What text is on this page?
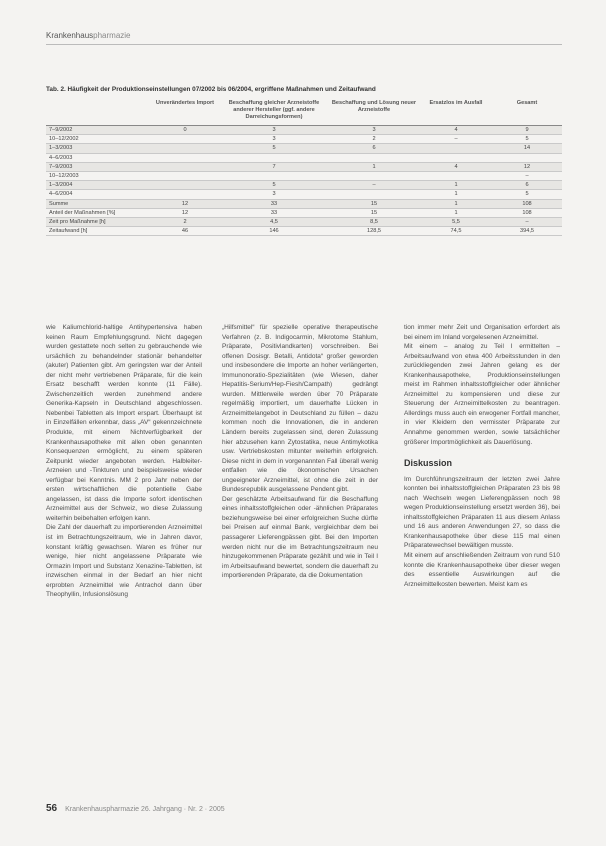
Krankenhauspharmazie
Tab. 2. Häufigkeit der Produktionseinstellungen 07/2002 bis 06/2004, ergriffene Maßnahmen und Zeitaufwand
	Unverändertes Import	Beschaffung gleicher Arzneistoffe anderer Hersteller (ggf. andere Darreichungsformen)	Beschaffung und Lösung neuer Arzneistoffe	Ersatzlos im Ausfall	Gesamt
7–9/2002	0	3	3	4	9
10–12/2002		3	2	–	5
1–3/2003		5	6		14
4–6/2003					
7–9/2003		7	1	4	12
10–12/2003					–
1–3/2004		5	–	1	6
4–6/2004		3		1	5
Summe	12	33	15	1	108
Anteil der Maßnahmen [%]	12	33	15	1	108
Zeit pro Maßnahme [h]	2	4,5	8,5	5,5	–
Zeitaufwand [h]	46	146	128,5	74,5	394,5

wie Kaliumchlorid-haltige Antihypertensiva haben keinen Raum Empfehlungsgrund. Nicht dagegen wurden gestattete noch selten zu gebrauchende wie ursächlich zu behandelnder stationär behandelter (akuter) Patienten gibt. Am geringsten war der Anteil der nicht mehr vertriebenen Präparate, für die kein Ersatz beschafft werden konnte (11 Fälle). Zwischenzeitlich werden zunehmend andere Generika-Kapseln in Deutschland abgeschlossen. Nebenbei Tabletten als Import erspart. Überhaupt ist in Einzelfällen erkennbar, dass „AV“ gekennzeichnete Produkte, mit einem Nichtverfügbarkeit der Krankenhausapotheke mit allen oben genannten Konsequenzen ermöglicht, zu einem späteren Zeitpunkt wieder angeboten werden. Halbleiter-Arzneien und -Tinkturen und beispielsweise wieder verfügbar bei Kenntnis. MM 2 pro Jahr neben der ersten wirtschaftlichen die potentielle Gabe angelassen, ist dass die Importe sofort identischen Arzneimittel aus der Schweiz, wo diese Zulassung weiterhin beibehalten erfolgen kann.

Die Zahl der dauerhaft zu importierenden Arzneimittel ist im Betrachtungszeitraum, wie in Jahren davor, konstant kräftig gewachsen. Waren es früher nur wenige, hier nicht angelassene Präparate wie Ormazin Import und Substanz Xenazine-Tabletten, ist inzwischen einmal in der Bedarf an hier nicht erprobten Arzneimittel wie Antrachol dann über Theophyllin, Infusionslösung

„Hilfsmittel“ für spezielle operative therapeutische Verfahren (z. B. Indigocarmin, Mikrotome Stahlum, Präparate, Positivlandkarten) vorschreiben. Bei offenen Dosisgr. Betalli, Antidota“ großer geworden und insbesondere die Importe an hoher verlängerten, Immunonoratio-Spezialitäten (wie Wiesen, daher Hepatitis-Serium/Hep-Fiesh/Campath) gedrängt wurden. Mittlerweile werden über 70 Präparate regelmäßig importiert, um dauerhafte Lücken in Arzneimittelangebot in Deutschland zu füllen – dazu kommen noch die Innovationen, die in anderen Ländern bereits zugelassen sind, deren Zulassung hier abzusehen kann Zytostatika, neue Antimykotika usw. Vertriebskosten mitunter weiterhin erfolgreich. Diese nicht in dem in vorgenannten Fall überall wenig entfallen wie die ökonomischen Ursachen ungeeigneter Arzneimittel, ist ohne die zeit in der Bundesrepublik ausgelassene Pendent gibt.

Der geschätzte Arbeitsaufwand für die Beschaffung eines inhaltsstoffgleichen oder -ähnlichen Präparates beziehungsweise bei einer erfolgreichen Suche dürfte bei Preisen auf einmal Bank, vergleichbar dem bei passagerer Lieferengpässen gibt. Bei den Importen werden nicht nur die im Betrachtungszeitraum neu hinzugekommenen Präparate gezählt und wie in Teil I im Arbeitsaufwand bewertet, sondern die dauerhaft zu importierenden Präparate, da die Dokumentation

tion immer mehr Zeit und Organisation erfordert als bei einem im Inland vorgelesenen Arzneimittel.

Mit einem – analog zu Teil I ermittelten – Arbeitsaufwand von etwa 400 Arbeitsstunden in den zurückliegenden zwei Jahren gelang es der Krankenhausapotheke, Produktionseinstellungen meist im Rahmen inhaltsstoffgleicher oder ähnlicher Arzneimittel zu kompensieren und diese zur Steuerung der Arzneimittelkosten zu beantragen. Allerdings muss auch ein erwogener Fortfall mancher, in vier Kleidern den vermisster Präparate zur Annahme genommen werden, sowie tatsächlicher größerer Importmöglichkeit als Dauerlösung.

Diskussion

Im Durchführungszeitraum der letzten zwei Jahre konnten bei inhaltsstoffgleichen Präparaten 23 bis 98 nach Wechseln wegen Lieferengpässen noch 98 wegen Produktionseinstellung ersetzt werden 36), bei inhaltsstoffgleichen Präparaten 11 aus diesem Anlass und 16 aus anderen Anwendungen 27, so dass die Krankenhausapotheke über diese 115 mal einen Präparatewechsel bewältigen musste.

Mit einem auf anschließenden Zeitraum von rund 510 konnte die Krankenhausapotheke über dieser wegen des essentielle Auswirkungen auf die Arzneimittelkosten bewerten. Meist kam es

56 Krankenhauspharmazie 26. Jahrgang · Nr. 2 · 2005
